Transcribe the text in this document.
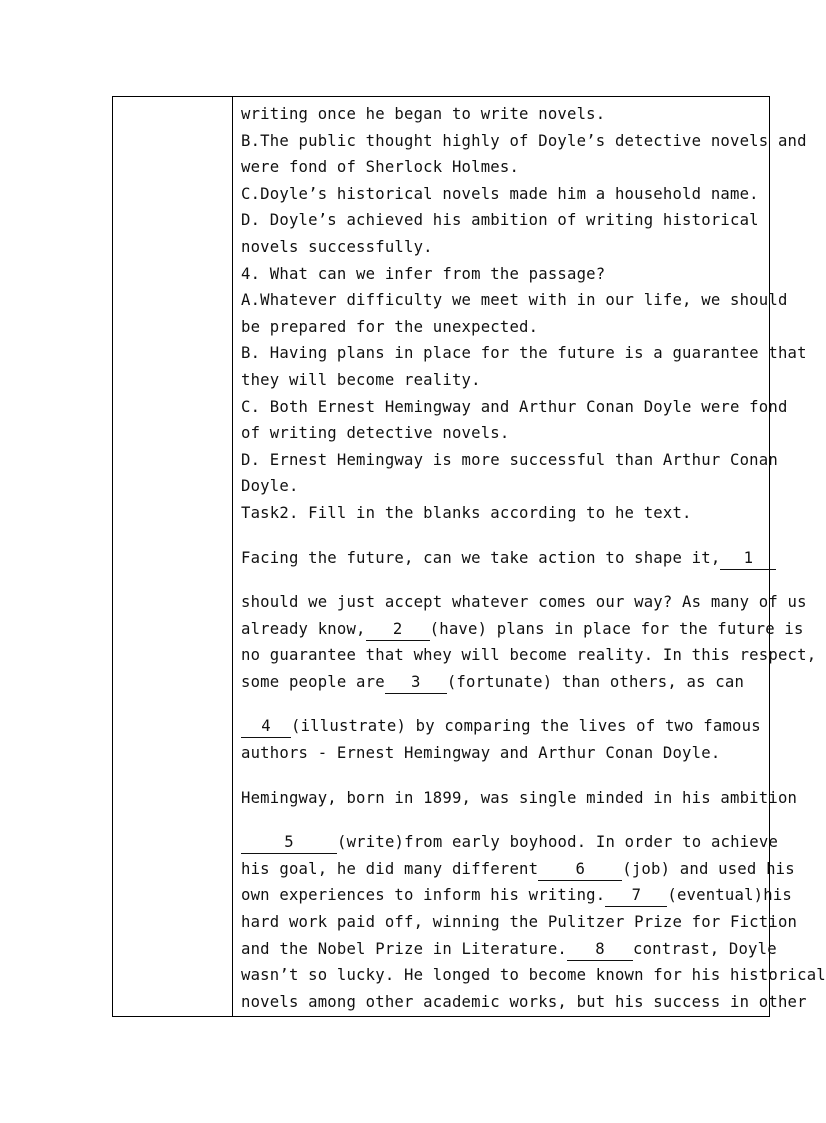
writing once he began to write novels.
B.The public thought highly of Doyle’s detective novels and
were fond of Sherlock Holmes.
C.Doyle’s historical novels made him a household name.
D. Doyle’s achieved his ambition of writing historical
novels successfully.
4. What can we infer from the passage?
A.Whatever difficulty we meet with in our life, we should
be prepared for the unexpected.
B. Having plans in place for the future is a guarantee that
they will become reality.
C. Both Ernest Hemingway and Arthur Conan Doyle were fond
of writing detective novels.
D. Ernest Hemingway is more successful than Arthur Conan
Doyle.
Task2. Fill in the blanks according to he text.
Facing the future, can we take action to shape it, 1
should we just accept whatever comes our way? As many of us
already know, 2 (have) plans in place for the future is
no guarantee that whey will become reality. In this respect,
some people are 3 (fortunate) than others, as can
4 (illustrate) by comparing the lives of two famous
authors - Ernest Hemingway and Arthur Conan Doyle.
Hemingway, born in 1899, was single minded in his ambition
5	(write)from early boyhood. In order to achieve
his goal, he did many different 6 (job) and used his
own experiences to inform his writing. 7 (eventual)his
hard work paid off, winning the Pulitzer Prize for Fiction
and the Nobel Prize in Literature. 8 contrast, Doyle
wasn’t so lucky. He longed to become known for his historical
novels among other academic works, but his success in other
